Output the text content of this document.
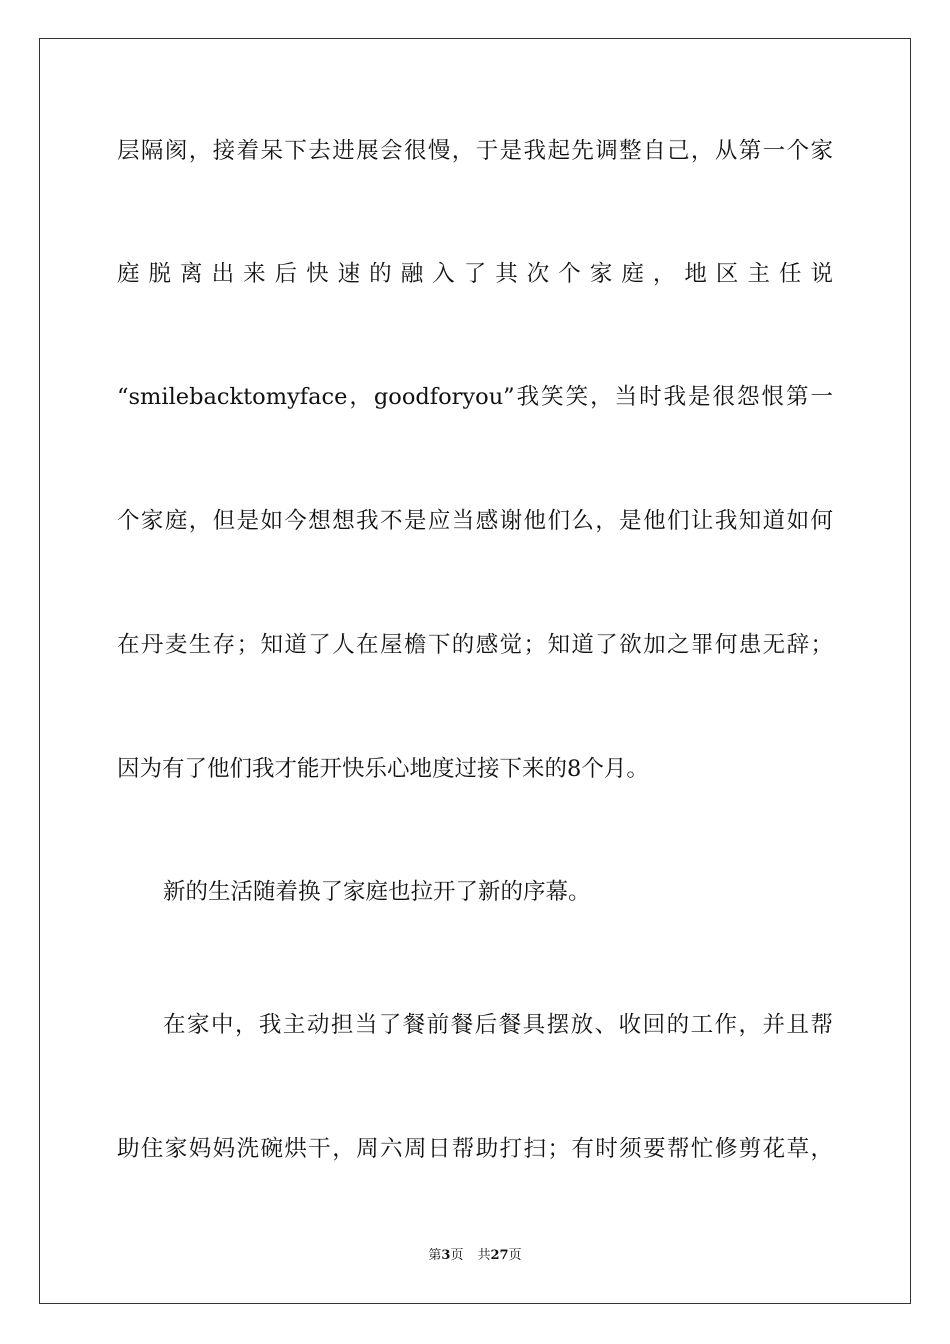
层隔阂，接着呆下去进展会很慢，于是我起先调整自己，从第一个家
庭脱离出来后快速的融入了其次个家庭，地区主任说
“smilebacktomyface，goodforyou”我笑笑，当时我是很怨恨第一
个家庭，但是如今想想我不是应当感谢他们么，是他们让我知道如何
在丹麦生存；知道了人在屋檐下的感觉；知道了欲加之罪何患无辞；
因为有了他们我才能开快乐心地度过接下来的8个月。
新的生活随着换了家庭也拉开了新的序幕。
在家中，我主动担当了餐前餐后餐具摆放、收回的工作，并且帮
助住家妈妈洗碗烘干，周六周日帮助打扫；有时须要帮忙修剪花草，
第3页 共27页
